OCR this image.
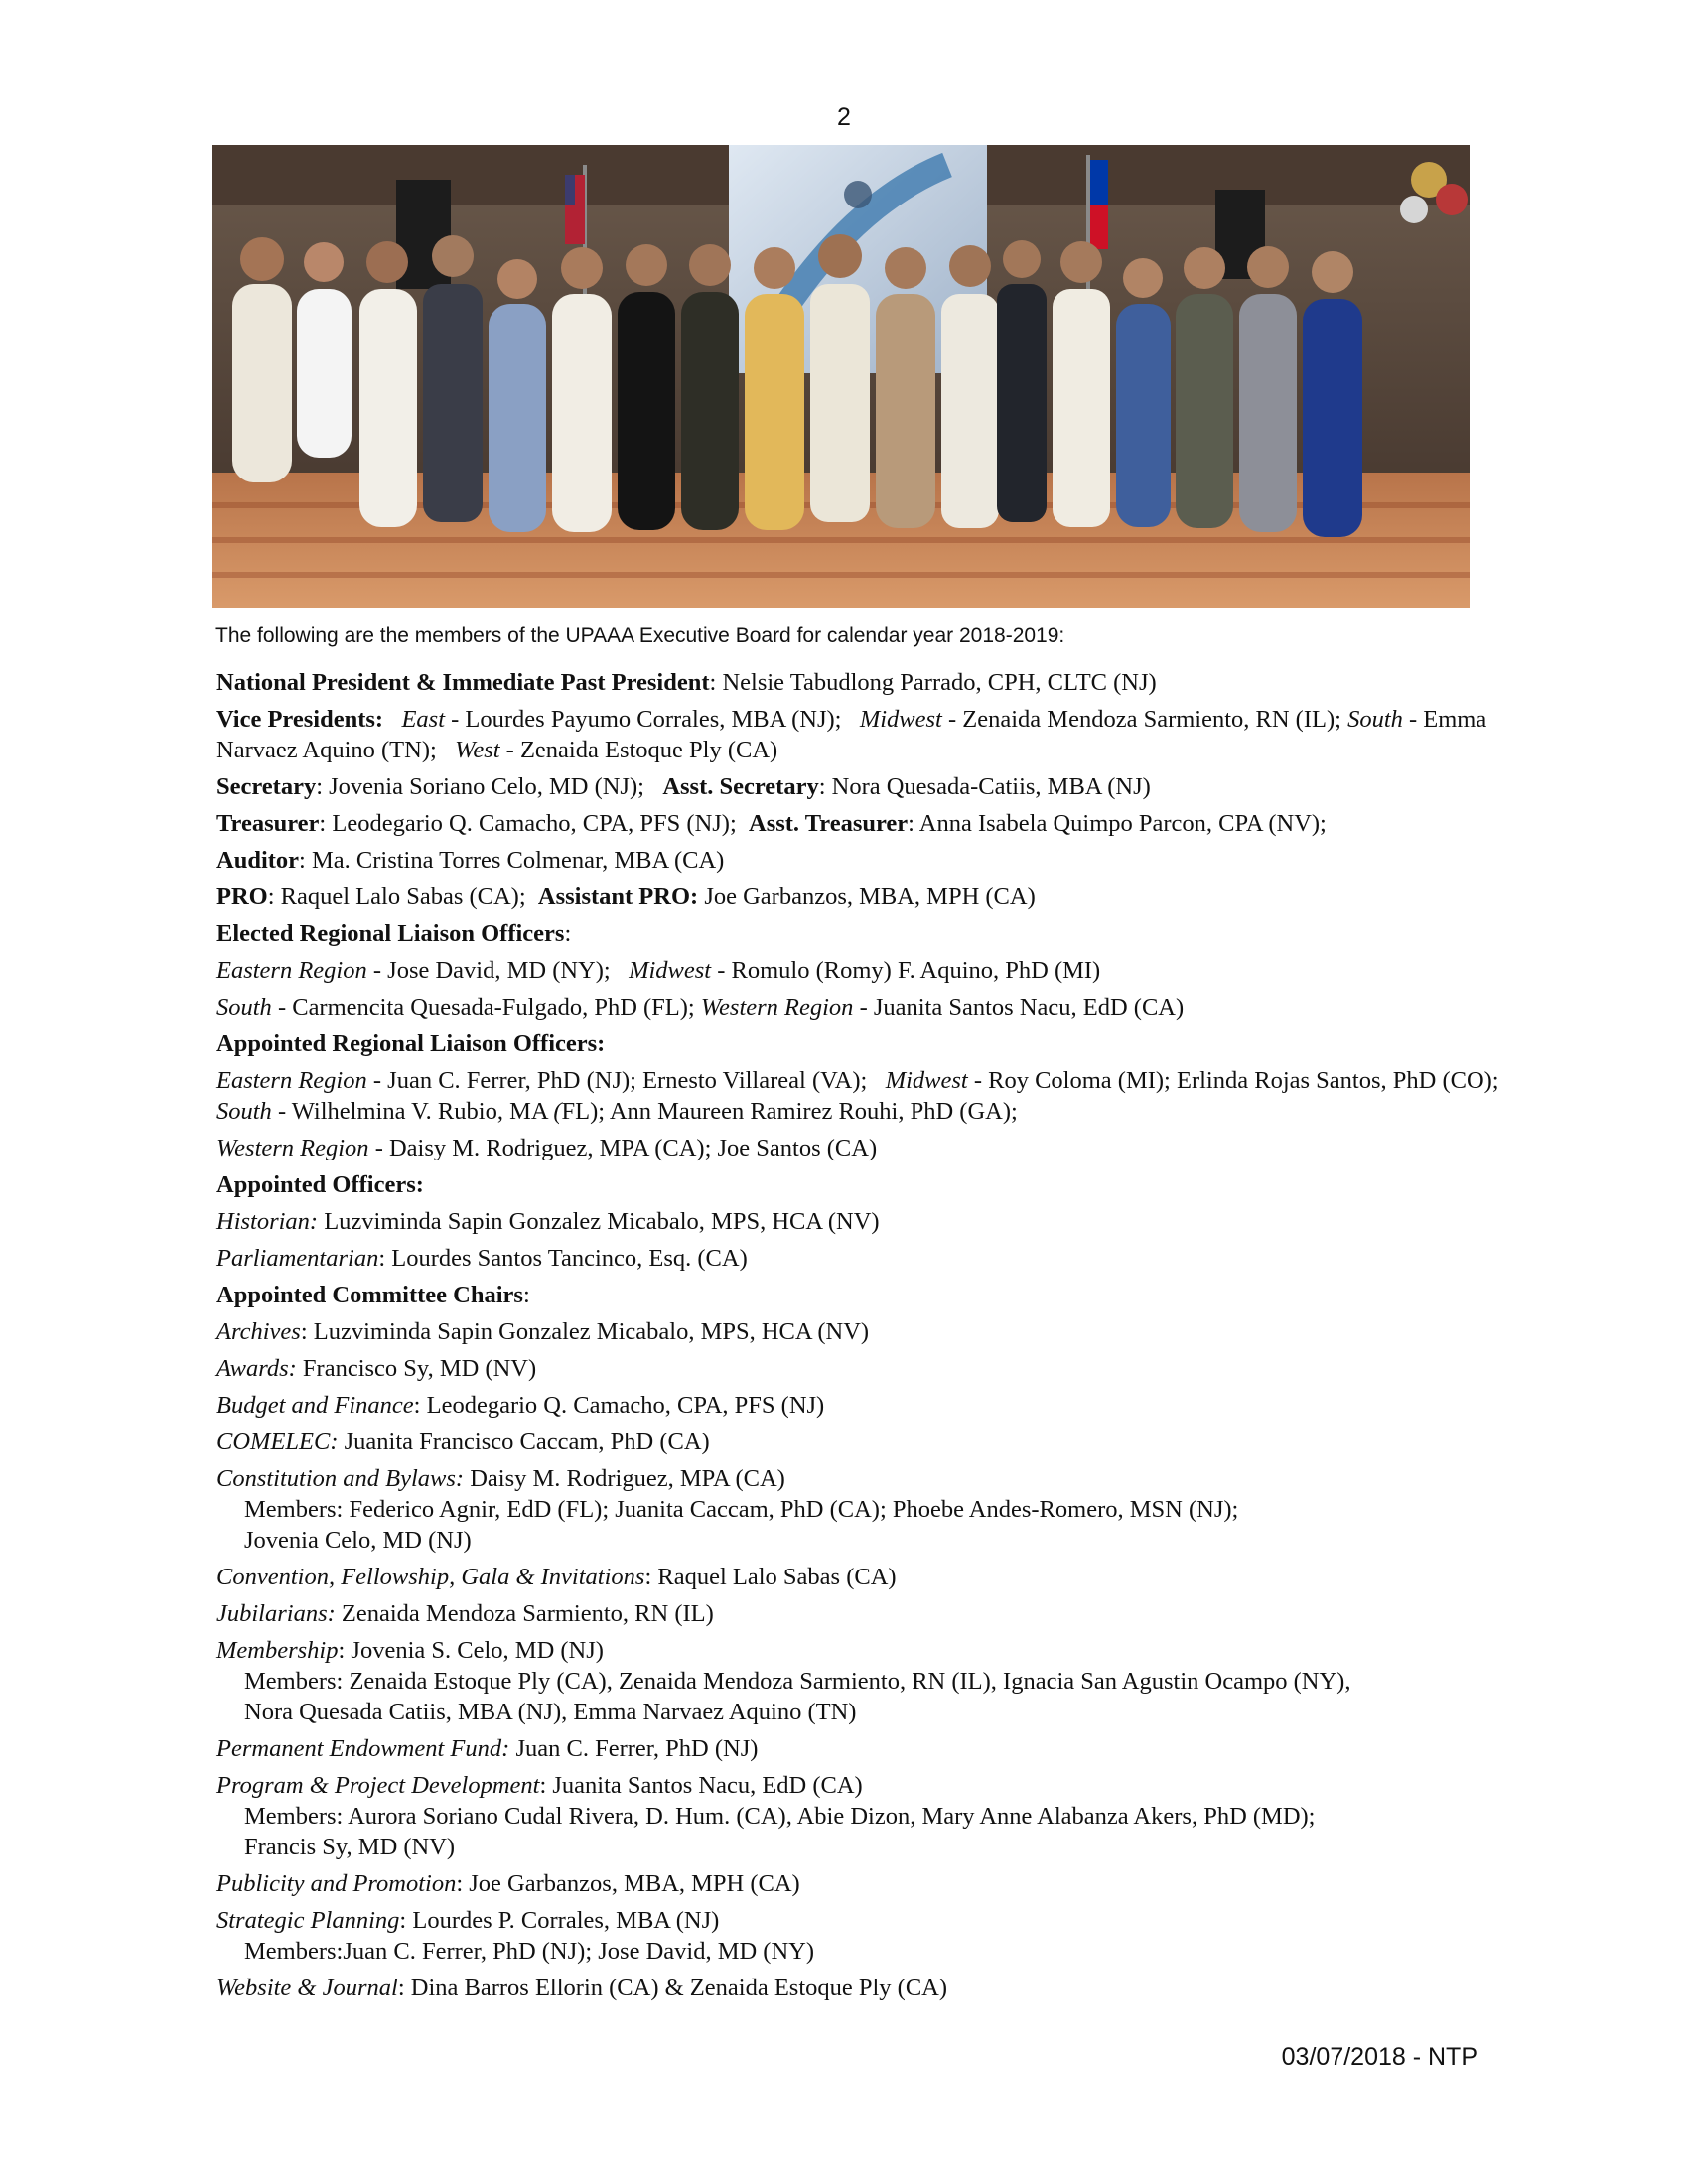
2
The following are the members of the UPAAA Executive Board for calendar year 2018-2019:
National President & Immediate Past President: Nelsie Tabudlong Parrado, CPH, CLTC (NJ)
Vice Presidents: East - Lourdes Payumo Corrales, MBA (NJ); Midwest - Zenaida Mendoza Sarmiento, RN (IL); South - Emma Narvaez Aquino (TN); West - Zenaida Estoque Ply (CA)
Secretary: Jovenia Soriano Celo, MD (NJ); Asst. Secretary: Nora Quesada-Catiis, MBA (NJ)
Treasurer: Leodegario Q. Camacho, CPA, PFS (NJ); Asst. Treasurer: Anna Isabela Quimpo Parcon, CPA (NV);
Auditor: Ma. Cristina Torres Colmenar, MBA (CA)
PRO: Raquel Lalo Sabas (CA); Assistant PRO: Joe Garbanzos, MBA, MPH (CA)
Elected Regional Liaison Officers:
Eastern Region - Jose David, MD (NY); Midwest - Romulo (Romy) F. Aquino, PhD (MI)
South - Carmencita Quesada-Fulgado, PhD (FL); Western Region - Juanita Santos Nacu, EdD (CA)
Appointed Regional Liaison Officers:
Eastern Region - Juan C. Ferrer, PhD (NJ); Ernesto Villareal (VA); Midwest - Roy Coloma (MI); Erlinda Rojas Santos, PhD (CO);  South - Wilhelmina V. Rubio, MA (FL); Ann Maureen Ramirez Rouhi, PhD (GA);
Western Region - Daisy M. Rodriguez, MPA (CA); Joe Santos (CA)
Appointed Officers:
Historian: Luzviminda Sapin Gonzalez Micabalo, MPS, HCA (NV)
Parliamentarian: Lourdes Santos Tancinco, Esq. (CA)
Appointed Committee Chairs:
Archives: Luzviminda Sapin Gonzalez Micabalo, MPS, HCA (NV)
Awards: Francisco Sy, MD (NV)
Budget and Finance: Leodegario Q. Camacho, CPA, PFS (NJ)
COMELEC: Juanita Francisco Caccam, PhD (CA)
Constitution and Bylaws: Daisy M. Rodriguez, MPA (CA)
Members: Federico Agnir, EdD (FL); Juanita Caccam, PhD (CA); Phoebe Andes-Romero, MSN (NJ);
Jovenia Celo, MD (NJ)
Convention, Fellowship, Gala & Invitations: Raquel Lalo Sabas (CA)
Jubilarians: Zenaida Mendoza Sarmiento, RN (IL)
Membership: Jovenia S. Celo, MD (NJ)
Members: Zenaida Estoque Ply (CA), Zenaida Mendoza Sarmiento, RN (IL), Ignacia San Agustin Ocampo (NY),
Nora Quesada Catiis, MBA (NJ), Emma Narvaez Aquino (TN)
Permanent Endowment Fund: Juan C. Ferrer, PhD (NJ)
Program & Project Development: Juanita Santos Nacu, EdD (CA)
Members: Aurora Soriano Cudal Rivera, D. Hum. (CA), Abie Dizon, Mary Anne Alabanza Akers, PhD (MD);
Francis Sy, MD (NV)
Publicity and Promotion: Joe Garbanzos, MBA, MPH (CA)
Strategic Planning: Lourdes P. Corrales, MBA (NJ)
Members:Juan C. Ferrer, PhD (NJ); Jose David, MD (NY)
Website & Journal: Dina Barros Ellorin (CA) & Zenaida Estoque Ply (CA)
03/07/2018 - NTP
